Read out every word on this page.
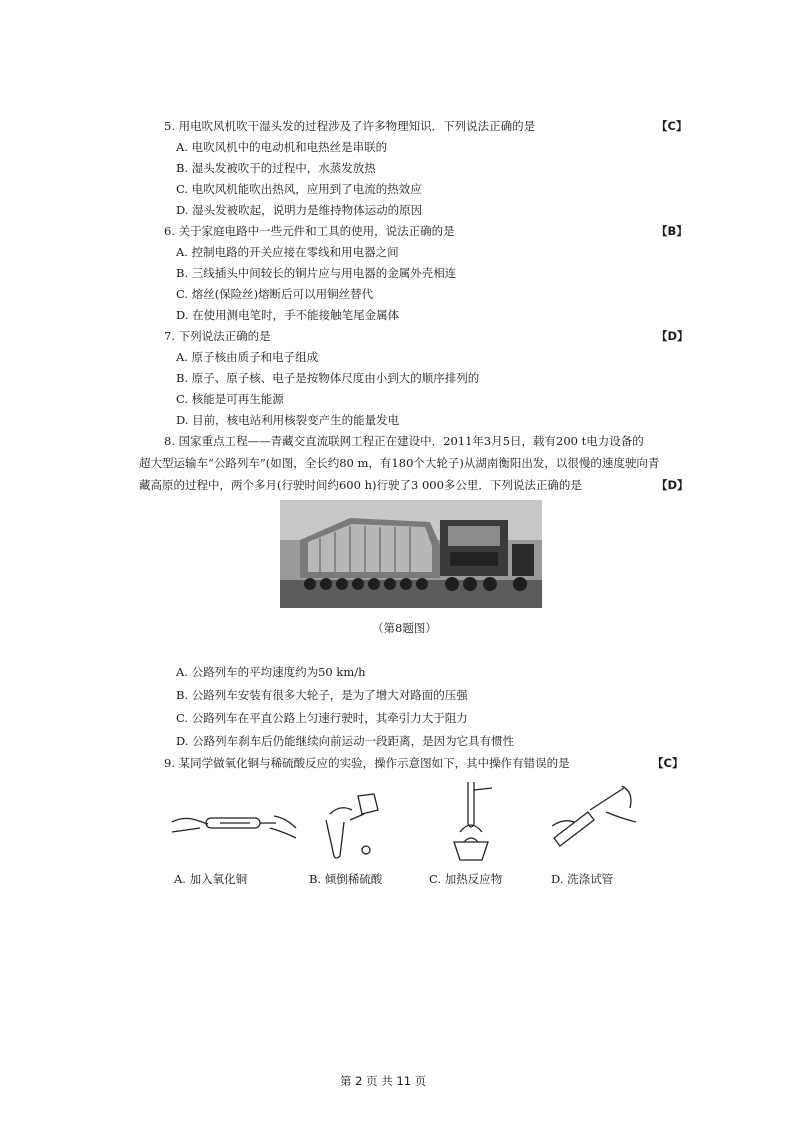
5. 用电吹风机吹干湿头发的过程涉及了许多物理知识．下列说法正确的是	【C】
A. 电吹风机中的电动机和电热丝是串联的
B. 湿头发被吹干的过程中，水蒸发放热
C. 电吹风机能吹出热风，应用到了电流的热效应
D. 湿头发被吹起，说明力是维持物体运动的原因
6. 关于家庭电路中一些元件和工具的使用，说法正确的是	【B】
A. 控制电路的开关应接在零线和用电器之间
B. 三线插头中间较长的铜片应与用电器的金属外壳相连
C. 熔丝(保险丝)熔断后可以用铜丝替代
D. 在使用测电笔时，手不能接触笔尾金属体
7. 下列说法正确的是	【D】
A. 原子核由质子和电子组成
B. 原子、原子核、电子是按物体尺度由小到大的顺序排列的
C. 核能是可再生能源
D. 目前，核电站利用核裂变产生的能量发电
8. 国家重点工程——青藏交直流联网工程正在建设中．2011年3月5日，载有200 t电力设备的
超大型运输车“公路列车”(如图，全长约80 m，有180个大轮子)从湖南衡阳出发，以很慢的速度驶向青
藏高原的过程中，两个多月(行驶时间约600 h)行驶了3 000多公里．下列说法正确的是	【D】
（第8题图）
A. 公路列车的平均速度约为50 km/h
B. 公路列车安装有很多大轮子，是为了增大对路面的压强
C. 公路列车在平直公路上匀速行驶时，其牵引力大于阻力
D. 公路列车刹车后仍能继续向前运动一段距离，是因为它具有惯性
9. 某同学做氧化铜与稀硫酸反应的实验，操作示意图如下，其中操作有错误的是	【C】
A. 加入氧化铜	B. 倾倒稀硫酸	C. 加热反应物	D. 洗涤试管
第 2 页 共 11 页
